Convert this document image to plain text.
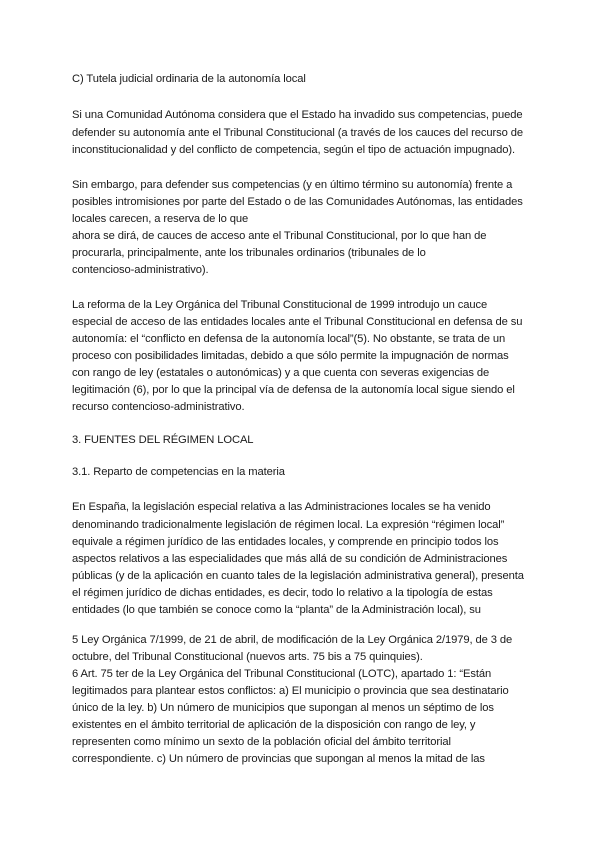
C) Tutela judicial ordinaria de la autonomía local
Si una Comunidad Autónoma considera que el Estado ha invadido sus competencias, puede
defender su autonomía ante el Tribunal Constitucional (a través de los cauces del recurso de
inconstitucionalidad y del conflicto de competencia, según el tipo de actuación impugnado).
Sin embargo, para defender sus competencias (y en último término su autonomía) frente a
posibles intromisiones por parte del Estado o de las Comunidades Autónomas, las entidades
locales carecen, a reserva de lo que
ahora se dirá, de cauces de acceso ante el Tribunal Constitucional, por lo que han de
procurarla, principalmente, ante los tribunales ordinarios (tribunales de lo
contencioso-administrativo).
La reforma de la Ley Orgánica del Tribunal Constitucional de 1999 introdujo un cauce
especial de acceso de las entidades locales ante el Tribunal Constitucional en defensa de su
autonomía: el “conflicto en defensa de la autonomía local”(5). No obstante, se trata de un
proceso con posibilidades limitadas, debido a que sólo permite la impugnación de normas
con rango de ley (estatales o autonómicas) y a que cuenta con severas exigencias de
legitimación (6), por lo que la principal vía de defensa de la autonomía local sigue siendo el
recurso contencioso-administrativo.
3. FUENTES DEL RÉGIMEN LOCAL
3.1. Reparto de competencias en la materia
En España, la legislación especial relativa a las Administraciones locales se ha venido
denominando tradicionalmente legislación de régimen local. La expresión “régimen local”
equivale a régimen jurídico de las entidades locales, y comprende en principio todos los
aspectos relativos a las especialidades que más allá de su condición de Administraciones
públicas (y de la aplicación en cuanto tales de la legislación administrativa general), presenta
el régimen jurídico de dichas entidades, es decir, todo lo relativo a la tipología de estas
entidades (lo que también se conoce como la “planta” de la Administración local), su
5 Ley Orgánica 7/1999, de 21 de abril, de modificación de la Ley Orgánica 2/1979, de 3 de
octubre, del Tribunal Constitucional (nuevos arts. 75 bis a 75 quinquies).
6 Art. 75 ter de la Ley Orgánica del Tribunal Constitucional (LOTC), apartado 1: “Están
legitimados para plantear estos conflictos: a) El municipio o provincia que sea destinatario
único de la ley. b) Un número de municipios que supongan al menos un séptimo de los
existentes en el ámbito territorial de aplicación de la disposición con rango de ley, y
representen como mínimo un sexto de la población oficial del ámbito territorial
correspondiente. c) Un número de provincias que supongan al menos la mitad de las
